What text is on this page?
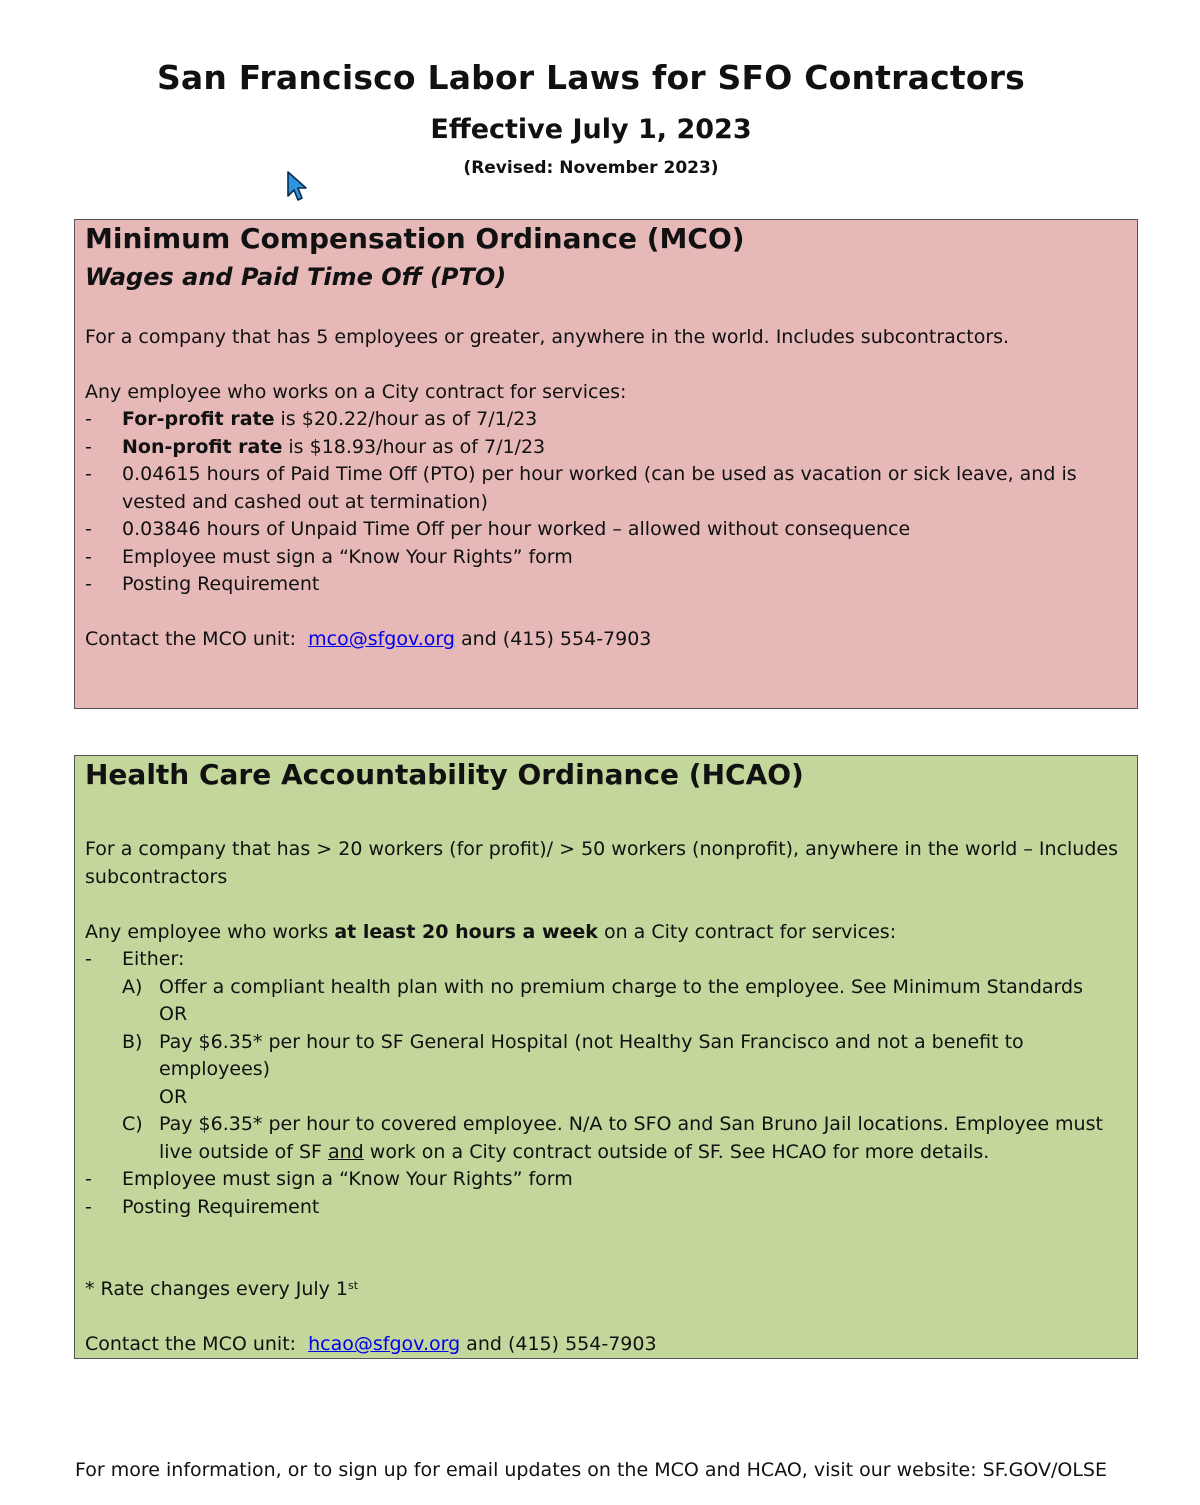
San Francisco Labor Laws for SFO Contractors
Effective July 1, 2023
(Revised: November 2023)
Minimum Compensation Ordinance (MCO)
Wages and Paid Time Off (PTO)

For a company that has 5 employees or greater, anywhere in the world. Includes subcontractors.

Any employee who works on a City contract for services:

-	For-profit rate is $20.22/hour as of 7/1/23
-	Non-profit rate is $18.93/hour as of 7/1/23
-	0.04615 hours of Paid Time Off (PTO) per hour worked (can be used as vacation or sick leave, and is vested and cashed out at termination)
-	0.03846 hours of Unpaid Time Off per hour worked – allowed without consequence
-	Employee must sign a “Know Your Rights” form
-	Posting Requirement

Contact the MCO unit:  mco@sfgov.org and (415) 554-7903

Health Care Accountability Ordinance (HCAO)

For a company that has > 20 workers (for profit)/ > 50 workers (nonprofit), anywhere in the world – Includes subcontractors

Any employee who works at least 20 hours a week on a City contract for services:

-	Either:
A) Offer a compliant health plan with no premium charge to the employee. See Minimum Standards
OR
B) Pay $6.35* per hour to SF General Hospital (not Healthy San Francisco and not a benefit to employees)
OR
C) Pay $6.35* per hour to covered employee. N/A to SFO and San Bruno Jail locations. Employee must live outside of SF and work on a City contract outside of SF. See HCAO for more details.
-	Employee must sign a “Know Your Rights” form
-	Posting Requirement

* Rate changes every July 1st

Contact the MCO unit:  hcao@sfgov.org and (415) 554-7903

For more information, or to sign up for email updates on the MCO and HCAO, visit our website: SF.GOV/OLSE
